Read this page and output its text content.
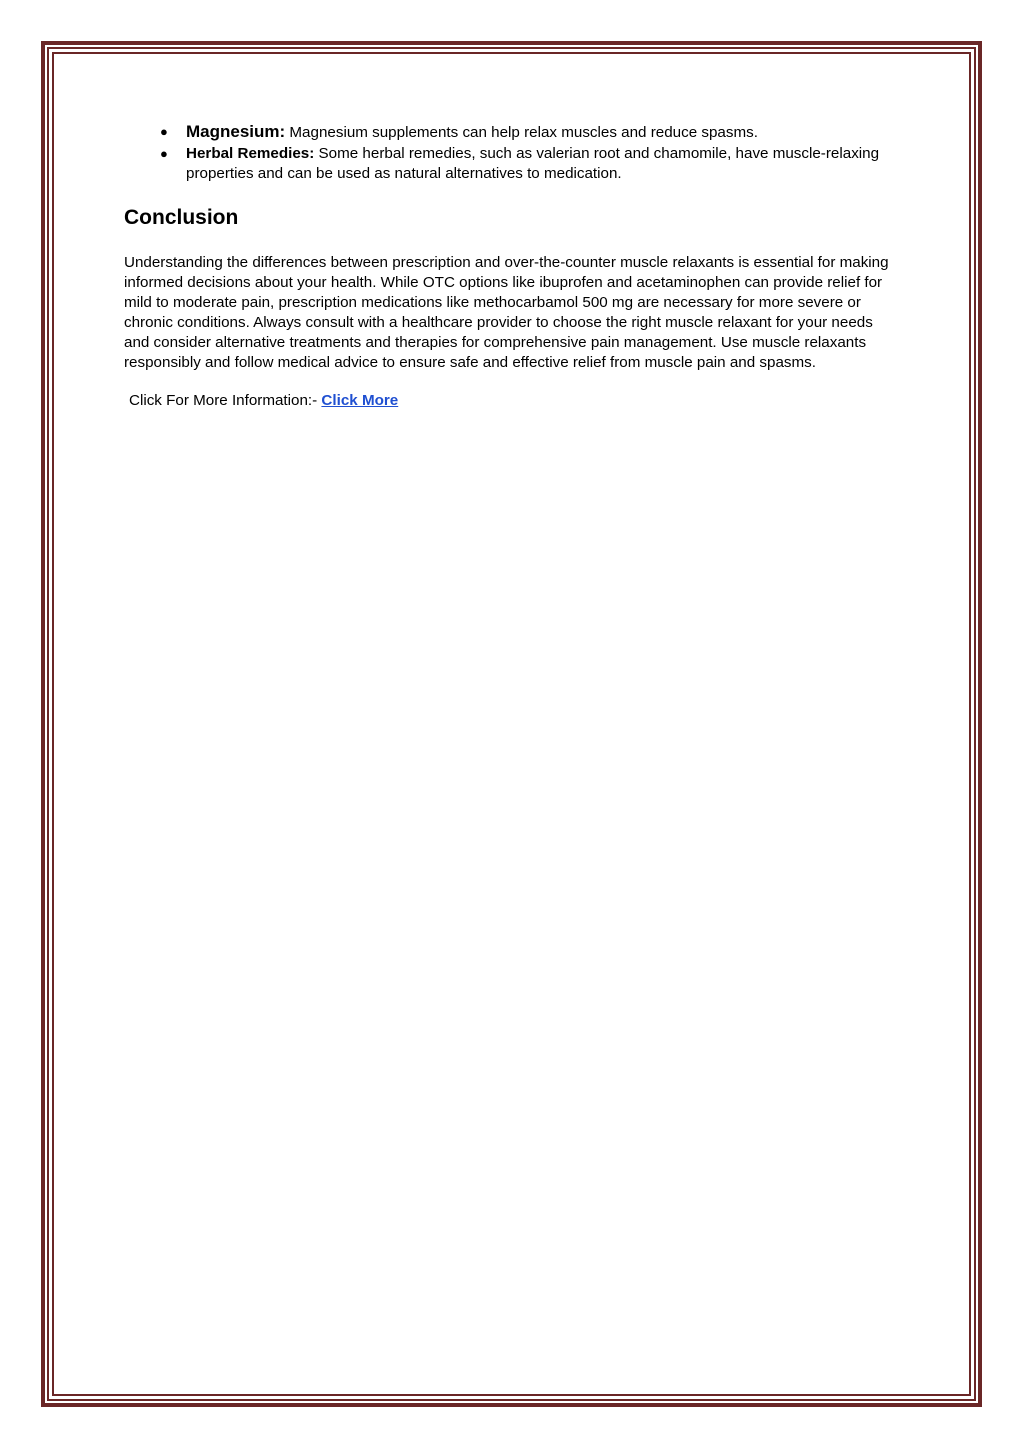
● Magnesium: Magnesium supplements can help relax muscles and reduce spasms.
● Herbal Remedies: Some herbal remedies, such as valerian root and chamomile, have muscle-relaxing properties and can be used as natural alternatives to medication.
Conclusion

Understanding the differences between prescription and over-the-counter muscle relaxants is essential for making informed decisions about your health. While OTC options like ibuprofen and acetaminophen can provide relief for mild to moderate pain, prescription medications like methocarbamol 500 mg are necessary for more severe or chronic conditions. Always consult with a healthcare provider to choose the right muscle relaxant for your needs and consider alternative treatments and therapies for comprehensive pain management. Use muscle relaxants responsibly and follow medical advice to ensure safe and effective relief from muscle pain and spasms.

Click For More Information:- Click More
